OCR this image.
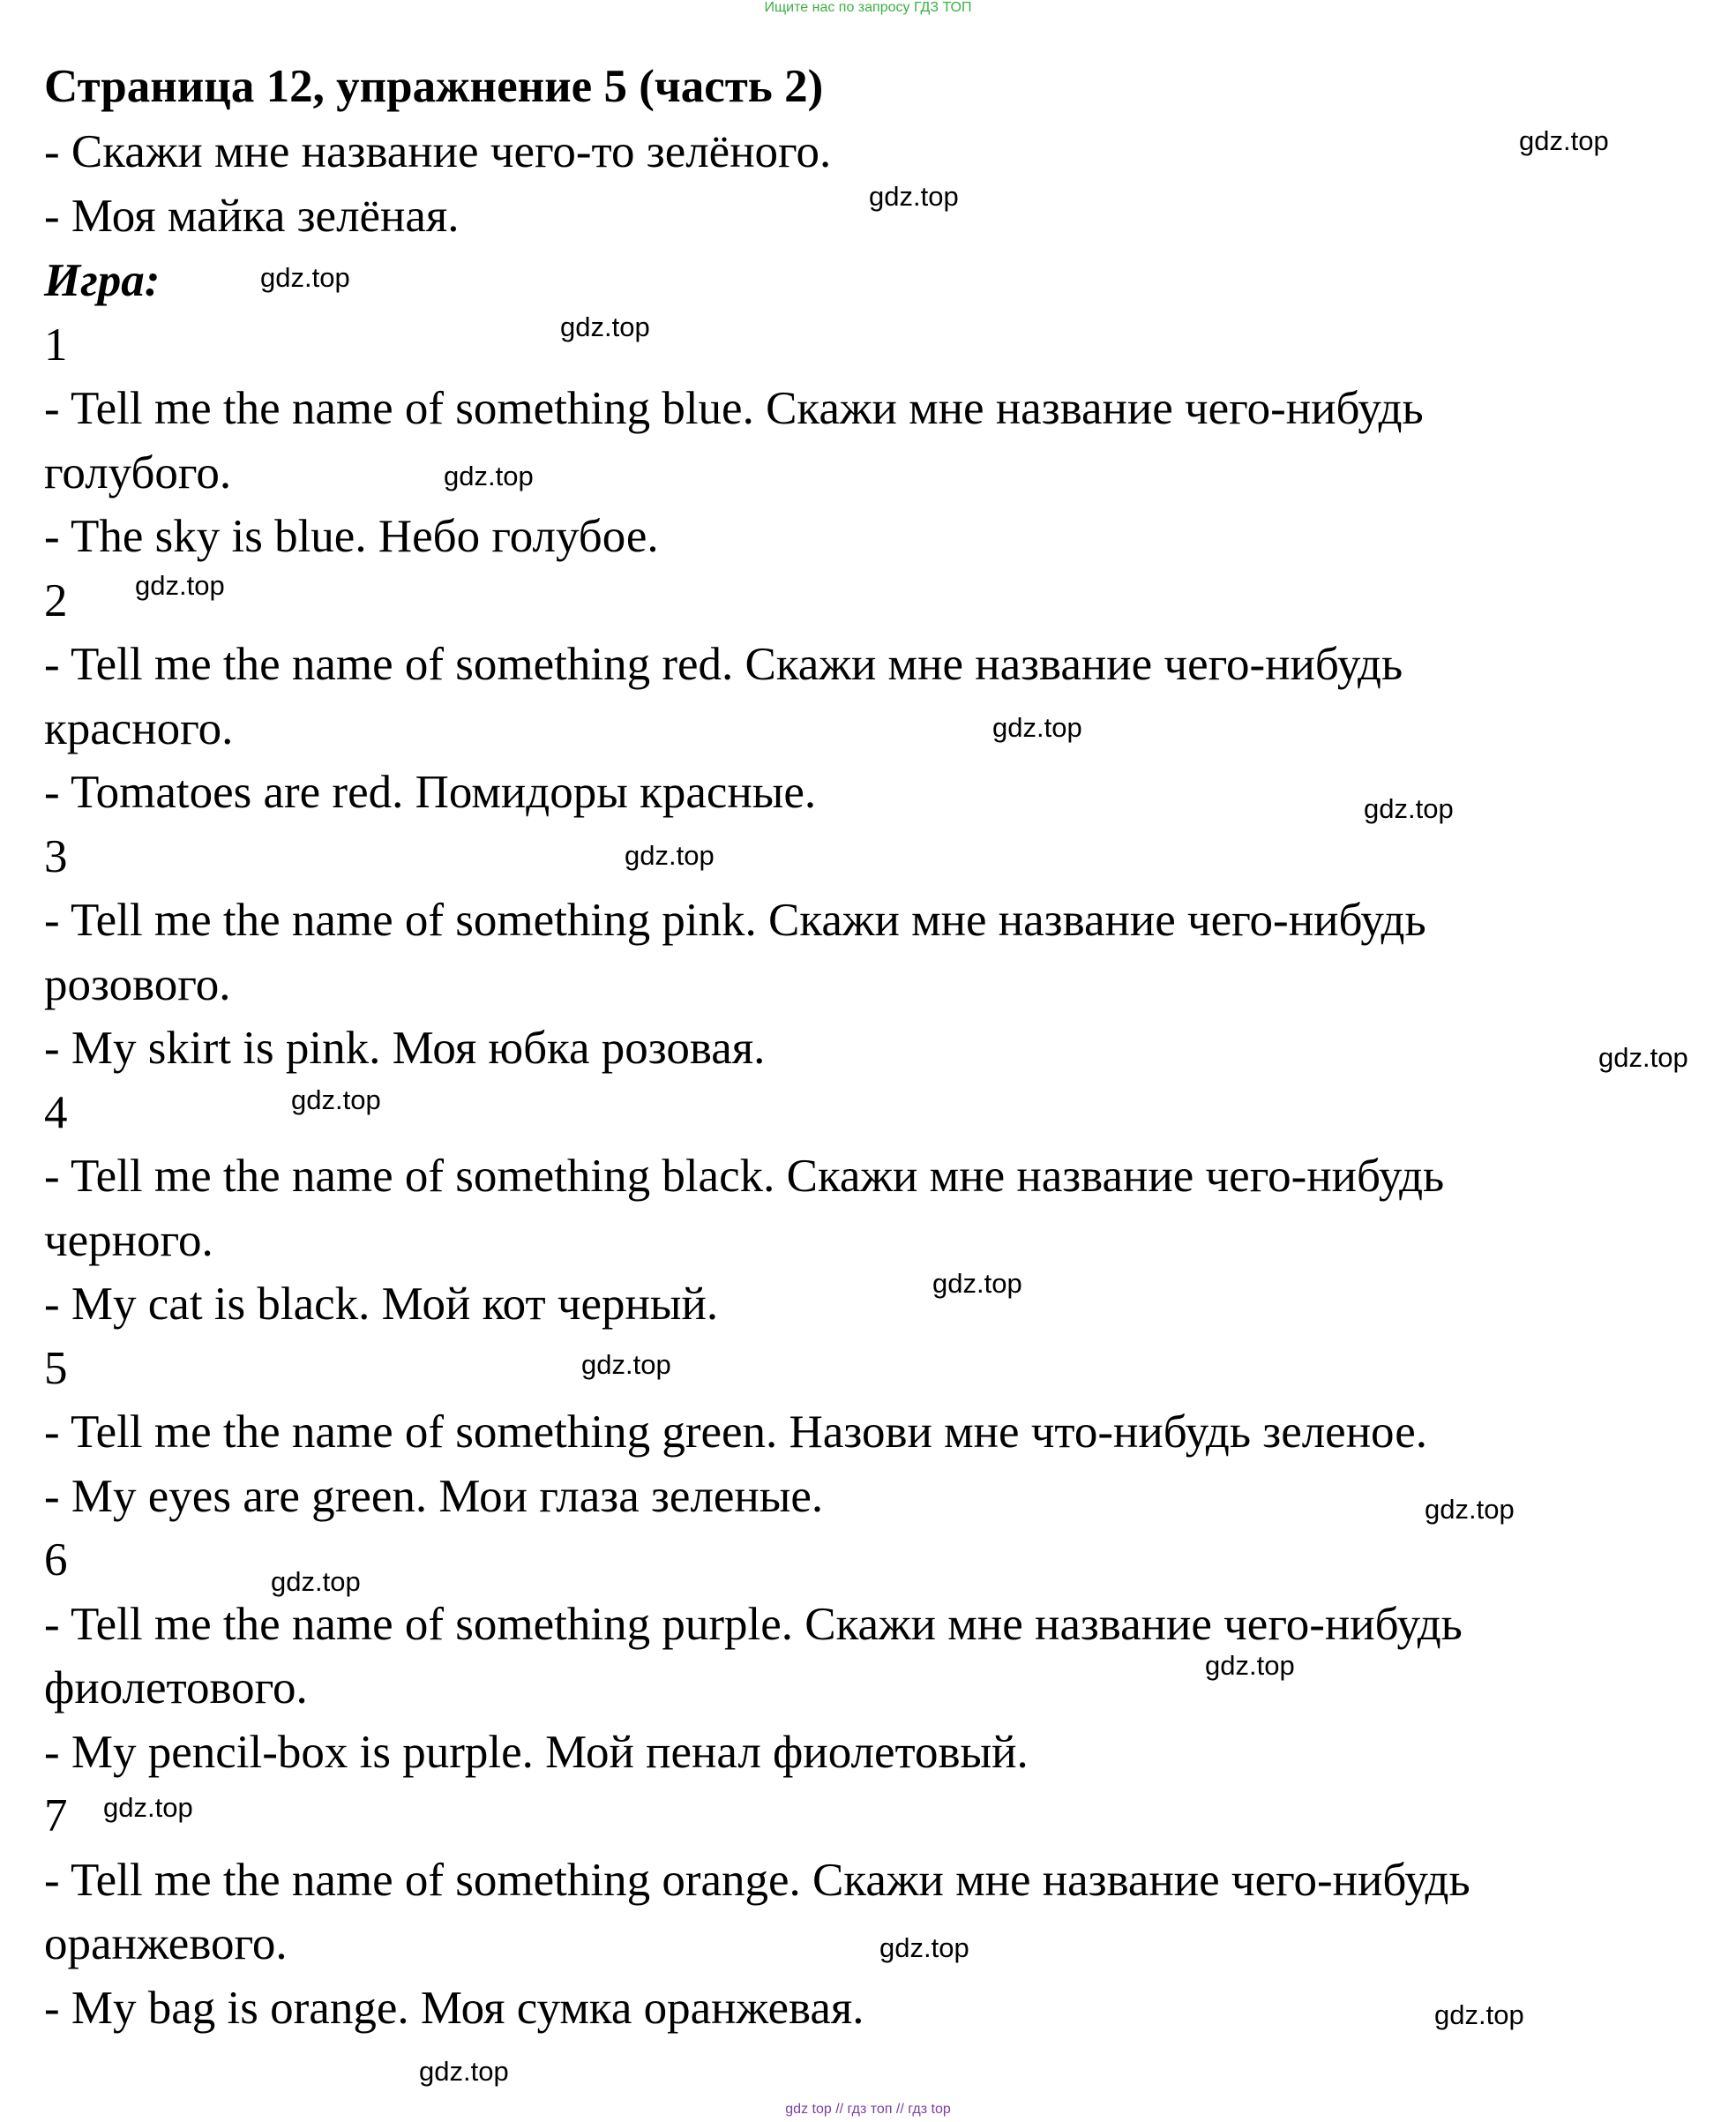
Ищите нас по запросу ГДЗ ТОП
Страница 12, упражнение 5 (часть 2)
- Скажи мне название чего-то зелёного.
- Моя майка зелёная.
Игра:
1
- Tell me the name of something blue. Скажи мне название чего-нибудь
голубого.
- The sky is blue. Небо голубое.
2
- Tell me the name of something red. Скажи мне название чего-нибудь
красного.
- Tomatoes are red. Помидоры красные.
3
- Tell me the name of something pink. Скажи мне название чего-нибудь
розового.
- My skirt is pink. Моя юбка розовая.
4
- Tell me the name of something black. Скажи мне название чего-нибудь
черного.
- My cat is black. Мой кот черный.
5
- Tell me the name of something green. Назови мне что-нибудь зеленое.
- My eyes are green. Мои глаза зеленые.
6
- Tell me the name of something purple. Скажи мне название чего-нибудь
фиолетового.
- My pencil-box is purple. Мой пенал фиолетовый.
7
- Tell me the name of something orange. Скажи мне название чего-нибудь
оранжевого.
- My bag is orange. Моя сумка оранжевая.
gdz.top
gdz.top
gdz.top
gdz.top
gdz.top
gdz.top
gdz.top
gdz.top
gdz.top
gdz.top
gdz.top
gdz.top
gdz.top
gdz.top
gdz.top
gdz.top
gdz.top
gdz.top
gdz.top
gdz.top
gdz top // гдз топ // гдз top
